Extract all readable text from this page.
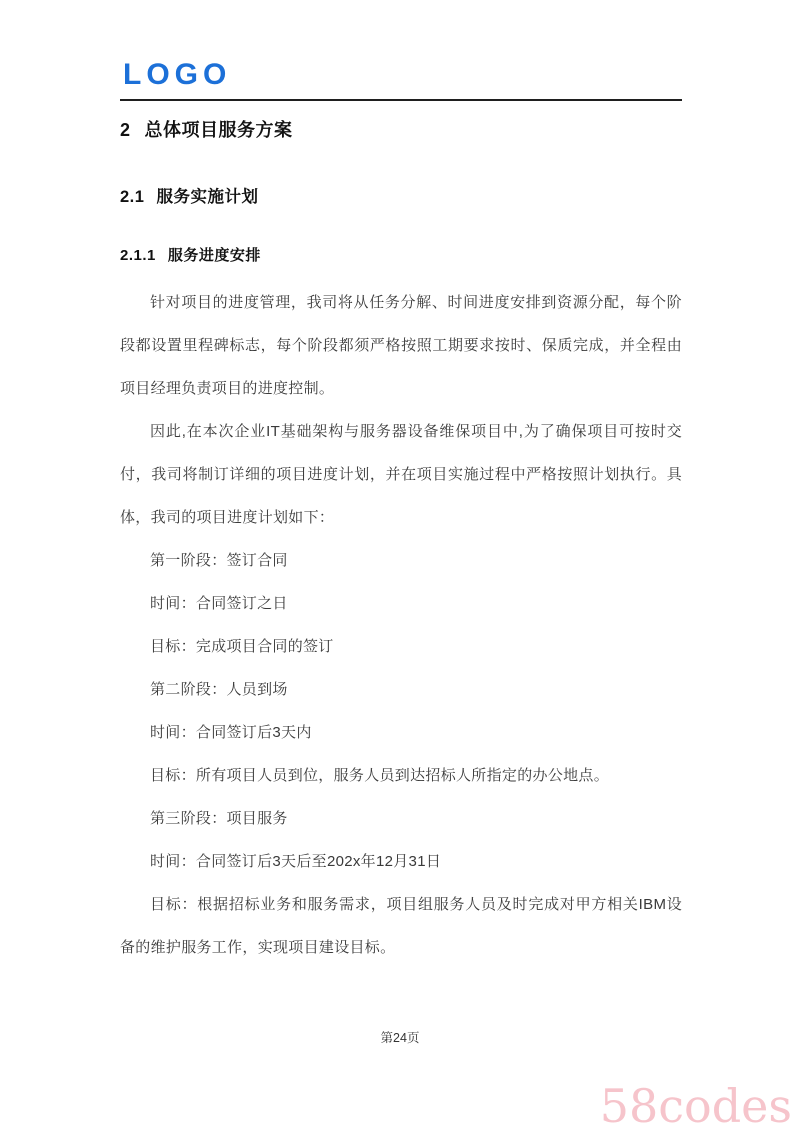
LOGO
2 总体项目服务方案
2.1 服务实施计划
2.1.1 服务进度安排

针对项目的进度管理，我司将从任务分解、时间进度安排到资源分配，每个阶段都设置里程碑标志，每个阶段都须严格按照工期要求按时、保质完成，并全程由项目经理负责项目的进度控制。

因此,在本次企业IT基础架构与服务器设备维保项目中,为了确保项目可按时交付，我司将制订详细的项目进度计划，并在项目实施过程中严格按照计划执行。具体，我司的项目进度计划如下：

第一阶段：签订合同

时间：合同签订之日

目标：完成项目合同的签订

第二阶段：人员到场

时间：合同签订后3天内

目标：所有项目人员到位，服务人员到达招标人所指定的办公地点。

第三阶段：项目服务

时间：合同签订后3天后至202x年12月31日

目标：根据招标业务和服务需求，项目组服务人员及时完成对甲方相关IBM设备的维护服务工作，实现项目建设目标。

第24页
58codes
